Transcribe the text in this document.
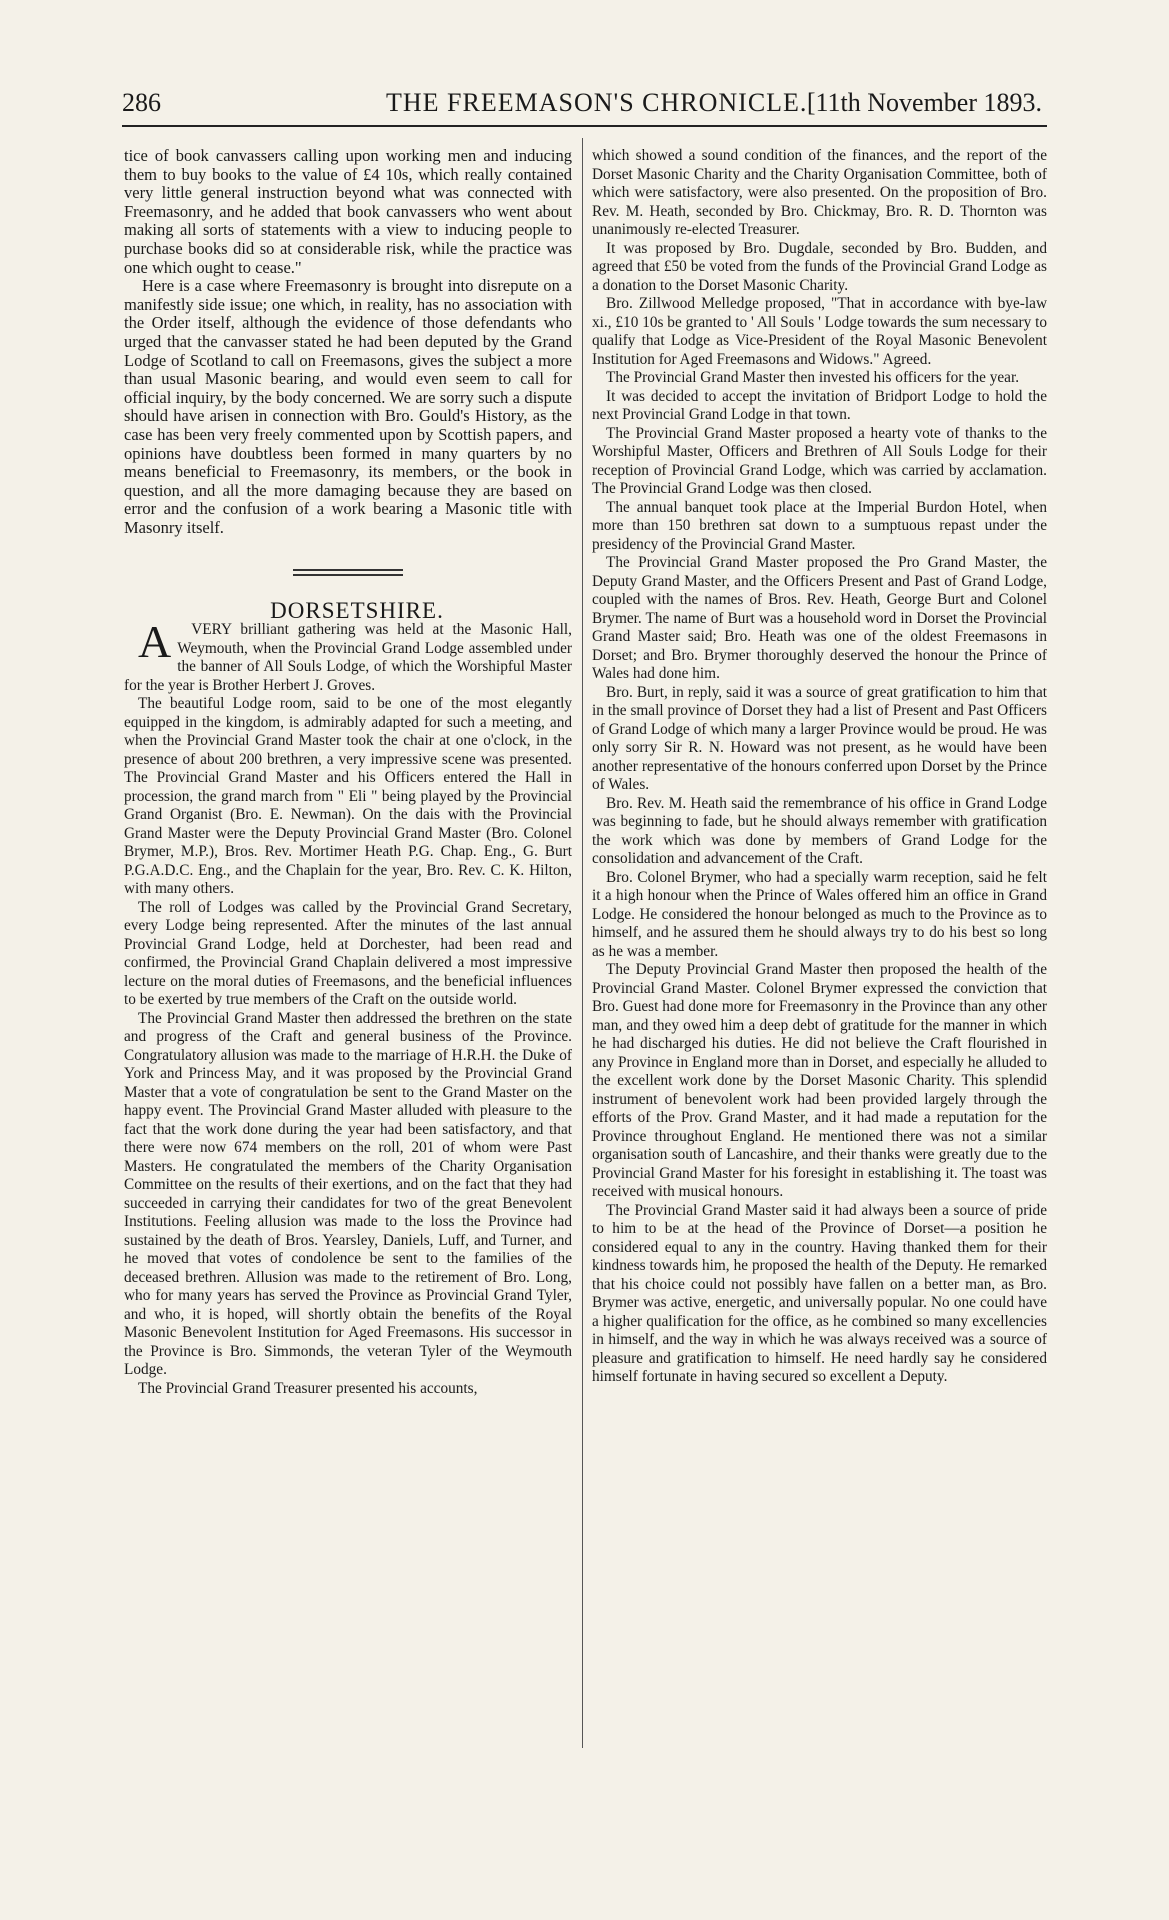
286	THE FREEMASON'S CHRONICLE. [11th November 1893.

tice of book canvassers calling upon working men and inducing them to buy books to the value of £4 10s, which really contained very little general instruction beyond what was connected with Freemasonry, and he added that book canvassers who went about making all sorts of statements with a view to inducing people to purchase books did so at considerable risk, while the practice was one which ought to cease."

Here is a case where Freemasonry is brought into disrepute on a manifestly side issue; one which, in reality, has no association with the Order itself, although the evidence of those defendants who urged that the canvasser stated he had been deputed by the Grand Lodge of Scotland to call on Freemasons, gives the subject a more than usual Masonic bearing, and would even seem to call for official inquiry, by the body concerned. We are sorry such a dispute should have arisen in connection with Bro. Gould's History, as the case has been very freely commented upon by Scottish papers, and opinions have doubtless been formed in many quarters by no means beneficial to Freemasonry, its members, or the book in question, and all the more damaging because they are based on error and the confusion of a work bearing a Masonic title with Masonry itself.

DORSETSHIRE.

A VERY brilliant gathering was held at the Masonic Hall, Weymouth, when the Provincial Grand Lodge assembled under the banner of All Souls Lodge, of which the Worshipful Master for the year is Brother Herbert J. Groves.

The beautiful Lodge room, said to be one of the most elegantly equipped in the kingdom, is admirably adapted for such a meeting, and when the Provincial Grand Master took the chair at one o'clock, in the presence of about 200 brethren, a very impressive scene was presented. The Provincial Grand Master and his Officers entered the Hall in procession, the grand march from " Eli " being played by the Provincial Grand Organist (Bro. E. Newman). On the dais with the Provincial Grand Master were the Deputy Provincial Grand Master (Bro. Colonel Brymer, M.P.), Bros. Rev. Mortimer Heath P.G. Chap. Eng., G. Burt P.G.A.D.C. Eng., and the Chaplain for the year, Bro. Rev. C. K. Hilton, with many others.

The roll of Lodges was called by the Provincial Grand Secretary, every Lodge being represented. After the minutes of the last annual Provincial Grand Lodge, held at Dorchester, had been read and confirmed, the Provincial Grand Chaplain delivered a most impressive lecture on the moral duties of Freemasons, and the beneficial influences to be exerted by true members of the Craft on the outside world.

The Provincial Grand Master then addressed the brethren on the state and progress of the Craft and general business of the Province. Congratulatory allusion was made to the marriage of H.R.H. the Duke of York and Princess May, and it was proposed by the Provincial Grand Master that a vote of congratulation be sent to the Grand Master on the happy event. The Provincial Grand Master alluded with pleasure to the fact that the work done during the year had been satisfactory, and that there were now 674 members on the roll, 201 of whom were Past Masters. He congratulated the members of the Charity Organisation Committee on the results of their exertions, and on the fact that they had succeeded in carrying their candidates for two of the great Benevolent Institutions. Feeling allusion was made to the loss the Province had sustained by the death of Bros. Yearsley, Daniels, Luff, and Turner, and he moved that votes of condolence be sent to the families of the deceased brethren. Allusion was made to the retirement of Bro. Long, who for many years has served the Province as Provincial Grand Tyler, and who, it is hoped, will shortly obtain the benefits of the Royal Masonic Benevolent Institution for Aged Freemasons. His successor in the Province is Bro. Simmonds, the veteran Tyler of the Weymouth Lodge.

The Provincial Grand Treasurer presented his accounts,

which showed a sound condition of the finances, and the report of the Dorset Masonic Charity and the Charity Organisation Committee, both of which were satisfactory, were also presented. On the proposition of Bro. Rev. M. Heath, seconded by Bro. Chickmay, Bro. R. D. Thornton was unanimously re-elected Treasurer.

It was proposed by Bro. Dugdale, seconded by Bro. Budden, and agreed that £50 be voted from the funds of the Provincial Grand Lodge as a donation to the Dorset Masonic Charity.

Bro. Zillwood Melledge proposed, "That in accordance with bye-law xi., £10 10s be granted to ' All Souls ' Lodge towards the sum necessary to qualify that Lodge as Vice-President of the Royal Masonic Benevolent Institution for Aged Freemasons and Widows." Agreed.

The Provincial Grand Master then invested his officers for the year.

It was decided to accept the invitation of Bridport Lodge to hold the next Provincial Grand Lodge in that town.

The Provincial Grand Master proposed a hearty vote of thanks to the Worshipful Master, Officers and Brethren of All Souls Lodge for their reception of Provincial Grand Lodge, which was carried by acclamation. The Provincial Grand Lodge was then closed.

The annual banquet took place at the Imperial Burdon Hotel, when more than 150 brethren sat down to a sumptuous repast under the presidency of the Provincial Grand Master.

The Provincial Grand Master proposed the Pro Grand Master, the Deputy Grand Master, and the Officers Present and Past of Grand Lodge, coupled with the names of Bros. Rev. Heath, George Burt and Colonel Brymer. The name of Burt was a household word in Dorset the Provincial Grand Master said; Bro. Heath was one of the oldest Freemasons in Dorset; and Bro. Brymer thoroughly deserved the honour the Prince of Wales had done him.

Bro. Burt, in reply, said it was a source of great gratification to him that in the small province of Dorset they had a list of Present and Past Officers of Grand Lodge of which many a larger Province would be proud. He was only sorry Sir R. N. Howard was not present, as he would have been another representative of the honours conferred upon Dorset by the Prince of Wales.

Bro. Rev. M. Heath said the remembrance of his office in Grand Lodge was beginning to fade, but he should always remember with gratification the work which was done by members of Grand Lodge for the consolidation and advancement of the Craft.

Bro. Colonel Brymer, who had a specially warm reception, said he felt it a high honour when the Prince of Wales offered him an office in Grand Lodge. He considered the honour belonged as much to the Province as to himself, and he assured them he should always try to do his best so long as he was a member.

The Deputy Provincial Grand Master then proposed the health of the Provincial Grand Master. Colonel Brymer expressed the conviction that Bro. Guest had done more for Freemasonry in the Province than any other man, and they owed him a deep debt of gratitude for the manner in which he had discharged his duties. He did not believe the Craft flourished in any Province in England more than in Dorset, and especially he alluded to the excellent work done by the Dorset Masonic Charity. This splendid instrument of benevolent work had been provided largely through the efforts of the Prov. Grand Master, and it had made a reputation for the Province throughout England. He mentioned there was not a similar organisation south of Lancashire, and their thanks were greatly due to the Provincial Grand Master for his foresight in establishing it. The toast was received with musical honours.

The Provincial Grand Master said it had always been a source of pride to him to be at the head of the Province of Dorset—a position he considered equal to any in the country. Having thanked them for their kindness towards him, he proposed the health of the Deputy. He remarked that his choice could not possibly have fallen on a better man, as Bro. Brymer was active, energetic, and universally popular. No one could have a higher qualification for the office, as he combined so many excellencies in himself, and the way in which he was always received was a source of pleasure and gratification to himself. He need hardly say he considered himself fortunate in having secured so excellent a Deputy.
